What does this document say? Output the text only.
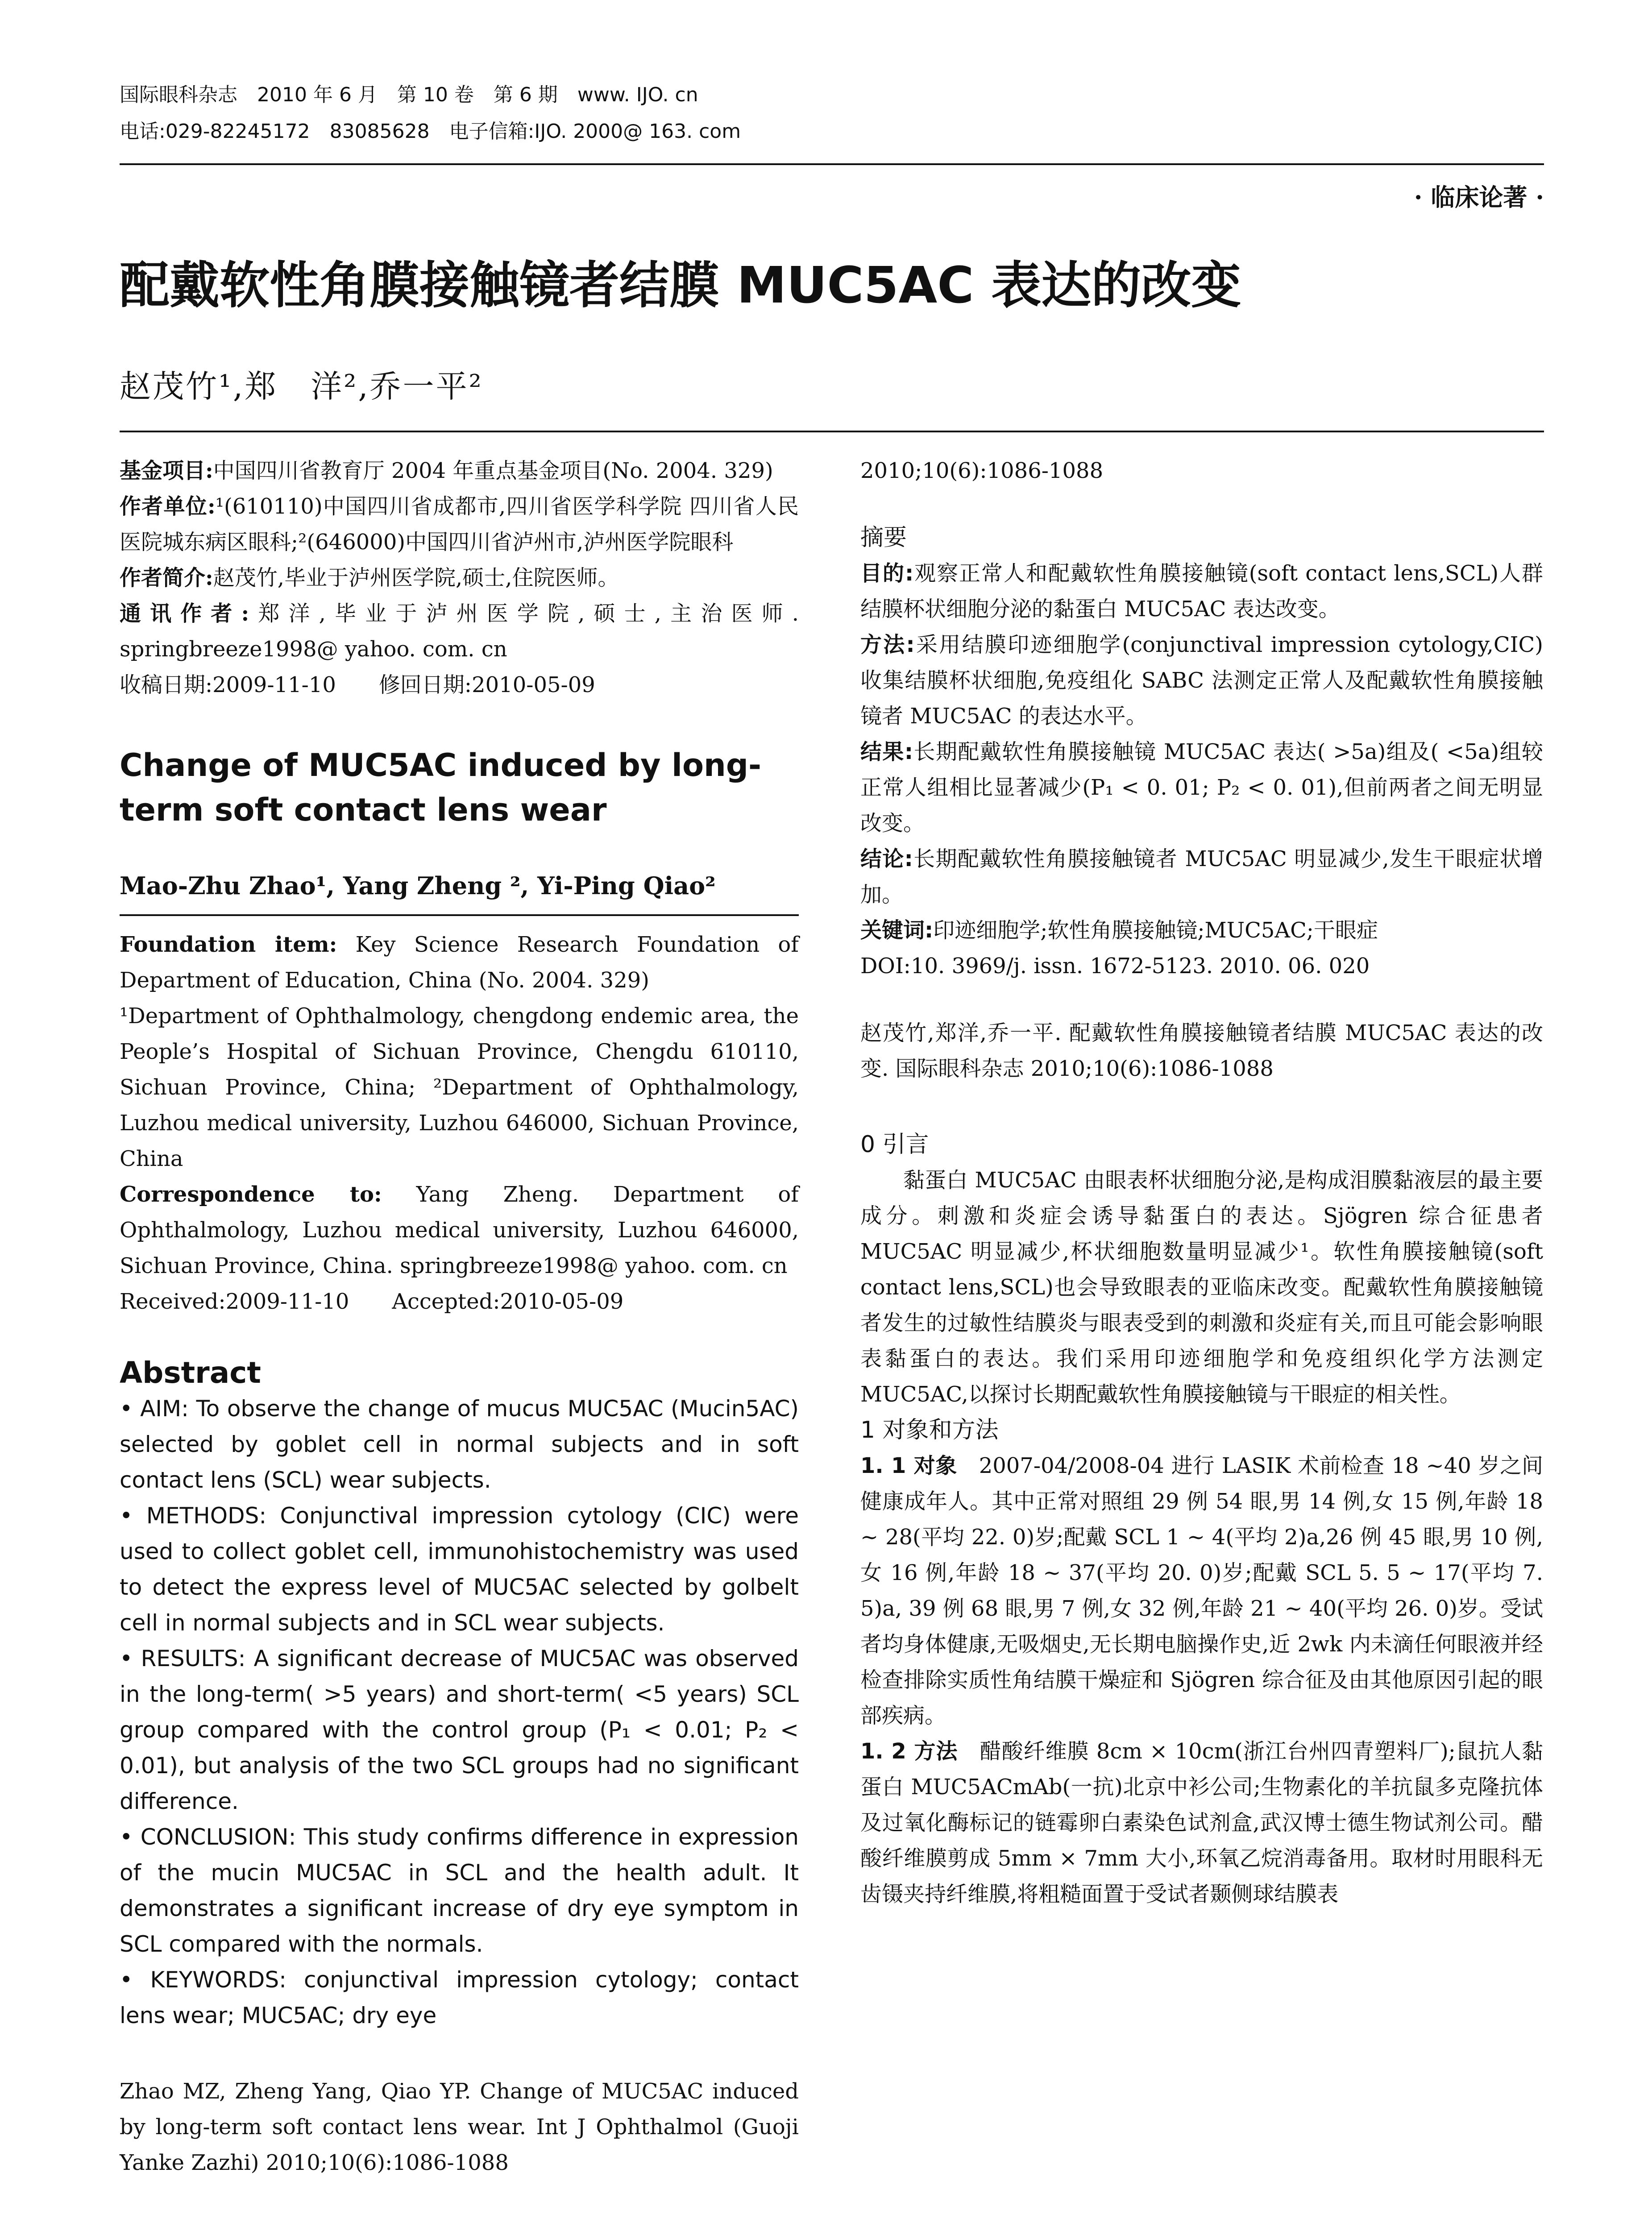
国际眼科杂志　2010 年 6 月　第 10 卷　第 6 期　www. IJO. cn
电话:029-82245172　83085628　电子信箱:IJO. 2000@ 163. com
· 临床论著 ·
配戴软性角膜接触镜者结膜 MUC5AC 表达的改变
赵茂竹¹,郑　洋²,乔一平²

基金项目:中国四川省教育厅 2004 年重点基金项目(No. 2004. 329)

作者单位:¹(610110)中国四川省成都市,四川省医学科学院 四川省人民医院城东病区眼科;²(646000)中国四川省泸州市,泸州医学院眼科

作者简介:赵茂竹,毕业于泸州医学院,硕士,住院医师。

通讯作者:郑洋,毕业于泸州医学院,硕士,主治医师. springbreeze1998@ yahoo. com. cn

收稿日期:2009-11-10　　修回日期:2010-05-09

Change of MUC5AC induced by long-term soft contact lens wear

Mao-Zhu Zhao¹, Yang Zheng ², Yi-Ping Qiao²

Foundation item: Key Science Research Foundation of Department of Education, China (No. 2004. 329)

¹Department of Ophthalmology, chengdong endemic area, the People’s Hospital of Sichuan Province, Chengdu 610110, Sichuan Province, China; ²Department of Ophthalmology, Luzhou medical university, Luzhou 646000, Sichuan Province, China

Correspondence to: Yang Zheng. Department of Ophthalmology, Luzhou medical university, Luzhou 646000, Sichuan Province, China. springbreeze1998@ yahoo. com. cn

Received:2009-11-10　　Accepted:2010-05-09

Abstract

• AIM: To observe the change of mucus MUC5AC (Mucin5AC) selected by goblet cell in normal subjects and in soft contact lens (SCL) wear subjects.

• METHODS: Conjunctival impression cytology (CIC) were used to collect goblet cell, immunohistochemistry was used to detect the express level of MUC5AC selected by golbelt cell in normal subjects and in SCL wear subjects.

• RESULTS: A significant decrease of MUC5AC was observed in the long-term( >5 years) and short-term( <5 years) SCL group compared with the control group (P₁ < 0.01; P₂ < 0.01), but analysis of the two SCL groups had no significant difference.

• CONCLUSION: This study confirms difference in expression of the mucin MUC5AC in SCL and the health adult. It demonstrates a significant increase of dry eye symptom in SCL compared with the normals.

• KEYWORDS: conjunctival impression cytology; contact lens wear; MUC5AC; dry eye

Zhao MZ, Zheng Yang, Qiao YP. Change of MUC5AC induced by long-term soft contact lens wear. Int J Ophthalmol (Guoji Yanke Zazhi) 2010;10(6):1086-1088

2010;10(6):1086-1088

摘要

目的:观察正常人和配戴软性角膜接触镜(soft contact lens,SCL)人群结膜杯状细胞分泌的黏蛋白 MUC5AC 表达改变。

方法:采用结膜印迹细胞学(conjunctival impression cytology,CIC)收集结膜杯状细胞,免疫组化 SABC 法测定正常人及配戴软性角膜接触镜者 MUC5AC 的表达水平。

结果:长期配戴软性角膜接触镜 MUC5AC 表达( >5a)组及( <5a)组较正常人组相比显著减少(P₁ < 0. 01; P₂ < 0. 01),但前两者之间无明显改变。

结论:长期配戴软性角膜接触镜者 MUC5AC 明显减少,发生干眼症状增加。

关键词:印迹细胞学;软性角膜接触镜;MUC5AC;干眼症

DOI:10. 3969/j. issn. 1672-5123. 2010. 06. 020

赵茂竹,郑洋,乔一平. 配戴软性角膜接触镜者结膜 MUC5AC 表达的改变. 国际眼科杂志 2010;10(6):1086-1088

0 引言

黏蛋白 MUC5AC 由眼表杯状细胞分泌,是构成泪膜黏液层的最主要成分。刺激和炎症会诱导黏蛋白的表达。Sjögren 综合征患者 MUC5AC 明显减少,杯状细胞数量明显减少¹。软性角膜接触镜(soft contact lens,SCL)也会导致眼表的亚临床改变。配戴软性角膜接触镜者发生的过敏性结膜炎与眼表受到的刺激和炎症有关,而且可能会影响眼表黏蛋白的表达。我们采用印迹细胞学和免疫组织化学方法测定 MUC5AC,以探讨长期配戴软性角膜接触镜与干眼症的相关性。

1 对象和方法

1. 1 对象　 2007-04/2008-04 进行 LASIK 术前检查 18 ~40 岁之间健康成年人。其中正常对照组 29 例 54 眼,男 14 例,女 15 例,年龄 18 ~ 28(平均 22. 0)岁;配戴 SCL 1 ~ 4(平均 2)a,26 例 45 眼,男 10 例,女 16 例,年龄 18 ~ 37(平均 20. 0)岁;配戴 SCL 5. 5 ~ 17(平均 7. 5)a, 39 例 68 眼,男 7 例,女 32 例,年龄 21 ~ 40(平均 26. 0)岁。受试者均身体健康,无吸烟史,无长期电脑操作史,近 2wk 内未滴任何眼液并经检查排除实质性角结膜干燥症和 Sjögren 综合征及由其他原因引起的眼部疾病。

1. 2 方法　 醋酸纤维膜 8cm × 10cm(浙江台州四青塑料厂);鼠抗人黏蛋白 MUC5ACmAb(一抗)北京中衫公司;生物素化的羊抗鼠多克隆抗体及过氧化酶标记的链霉卵白素染色试剂盒,武汉博士德生物试剂公司。醋酸纤维膜剪成 5mm × 7mm 大小,环氧乙烷消毒备用。取材时用眼科无齿镊夹持纤维膜,将粗糙面置于受试者颞侧球结膜表
